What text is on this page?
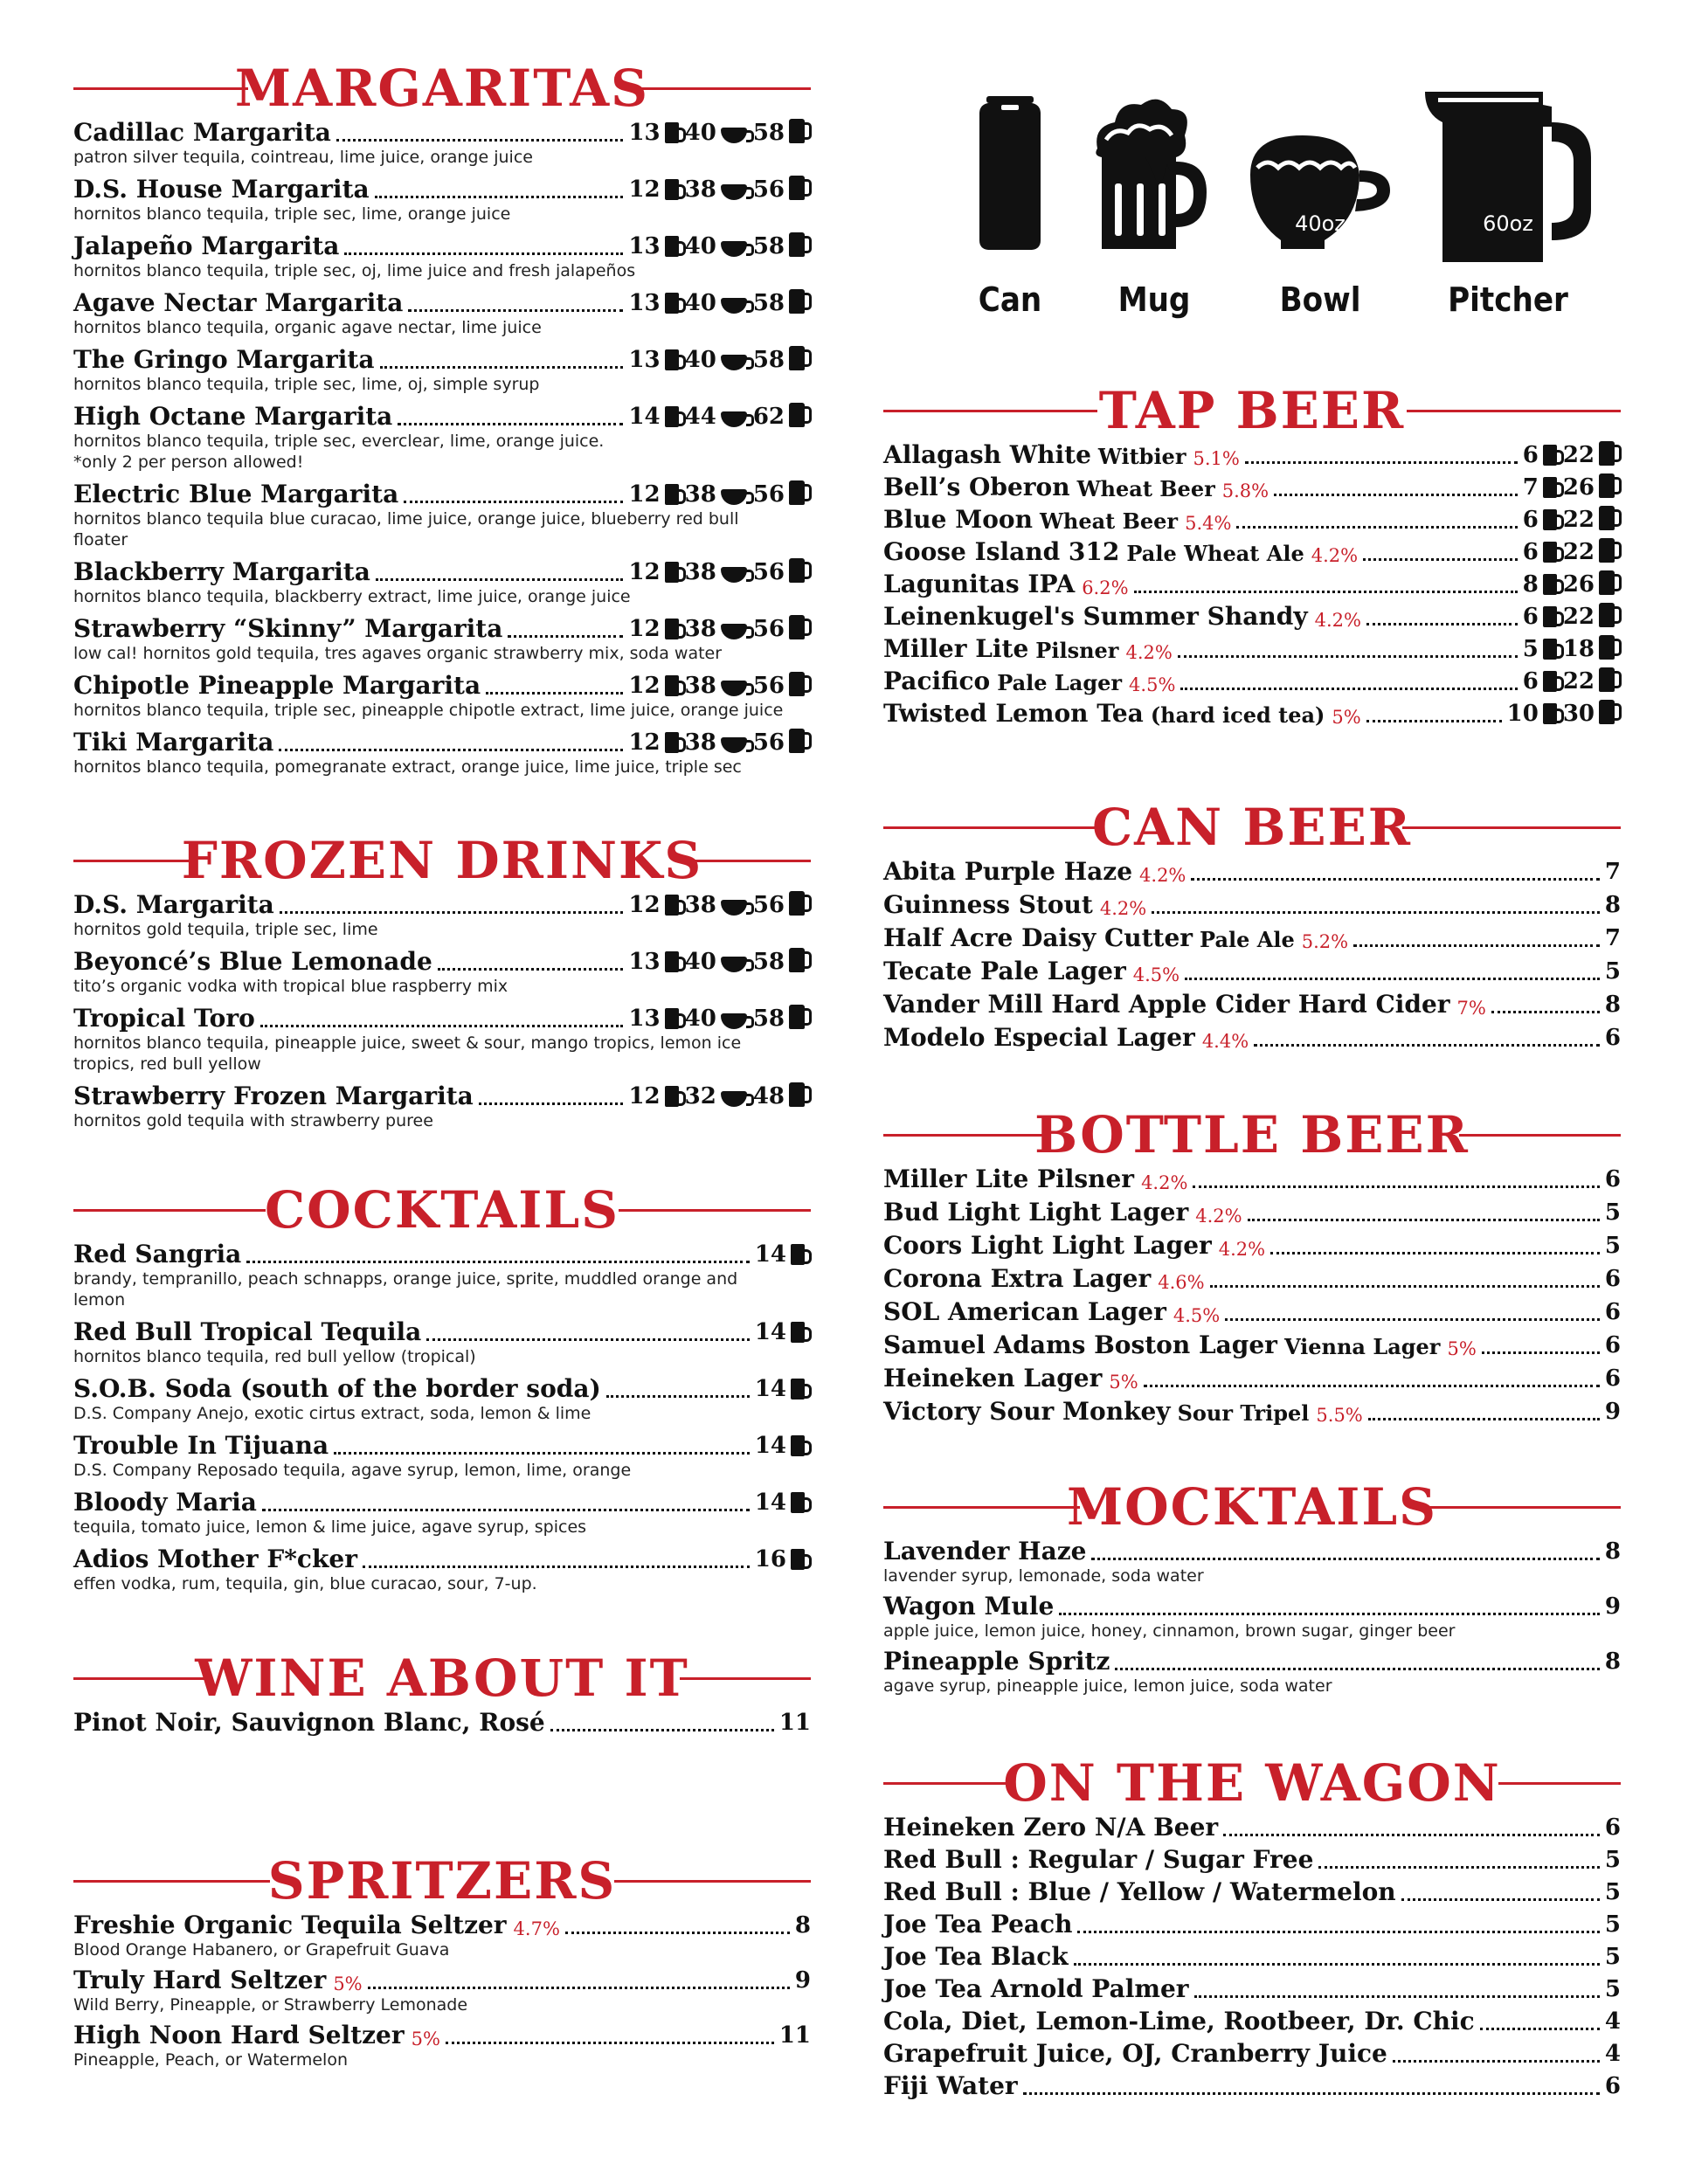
MARGARITAS
Cadillac Margarita	13 40 58
patron silver tequila, cointreau, lime juice, orange juice
D.S. House Margarita	12 38 56
hornitos blanco tequila, triple sec, lime, orange juice
Jalapeño Margarita	13 40 58
hornitos blanco tequila, triple sec, oj, lime juice and fresh jalapeños
Agave Nectar Margarita	13 40 58
hornitos blanco tequila, organic agave nectar, lime juice
The Gringo Margarita	13 40 58
hornitos blanco tequila, triple sec, lime, oj, simple syrup
High Octane Margarita	14 44 62
hornitos blanco tequila, triple sec, everclear, lime, orange juice.
*only 2 per person allowed!
Electric Blue Margarita	12 38 56
hornitos blanco tequila blue curacao, lime juice, orange juice, blueberry red bull
floater
Blackberry Margarita	12 38 56
hornitos blanco tequila, blackberry extract, lime juice, orange juice
Strawberry “Skinny” Margarita	12 38 56
low cal! hornitos gold tequila, tres agaves organic strawberry mix, soda water
Chipotle Pineapple Margarita	12 38 56
hornitos blanco tequila, triple sec, pineapple chipotle extract, lime juice, orange juice
Tiki Margarita	12 38 56
hornitos blanco tequila, pomegranate extract, orange juice, lime juice, triple sec
FROZEN DRINKS
D.S. Margarita	12 38 56
hornitos gold tequila, triple sec, lime
Beyoncé’s Blue Lemonade	13 40 58
tito’s organic vodka with tropical blue raspberry mix
Tropical Toro	13 40 58
hornitos blanco tequila, pineapple juice, sweet & sour, mango tropics, lemon ice
tropics, red bull yellow
Strawberry Frozen Margarita	12 32 48
hornitos gold tequila with strawberry puree
COCKTAILS
Red Sangria	14
brandy, tempranillo, peach schnapps, orange juice, sprite, muddled orange and
lemon
Red Bull Tropical Tequila	14
hornitos blanco tequila, red bull yellow (tropical)
S.O.B. Soda (south of the border soda)	14
D.S. Company Anejo, exotic cirtus extract, soda, lemon & lime
Trouble In Tijuana	14
D.S. Company Reposado tequila, agave syrup, lemon, lime, orange
Bloody Maria	14
tequila, tomato juice, lemon & lime juice, agave syrup, spices
Adios Mother F*cker	16
effen vodka, rum, tequila, gin, blue curacao, sour, 7-up.
WINE ABOUT IT
Pinot Noir, Sauvignon Blanc, Rosé	11
SPRITZERS
Freshie Organic Tequila Seltzer 4.7%	8
Blood Orange Habanero, or Grapefruit Guava
Truly Hard Seltzer 5%	9
Wild Berry, Pineapple, or Strawberry Lemonade
High Noon Hard Seltzer 5%	11
Pineapple, Peach, or Watermelon
Can	Mug
40oz
Bowl
60oz
Pitcher
TAP BEER
Allagash White Witbier 5.1%	6 22
Bell’s Oberon Wheat Beer 5.8%	7 26
Blue Moon Wheat Beer 5.4%	6 22
Goose Island 312 Pale Wheat Ale 4.2%	6 22
Lagunitas IPA 6.2%	8 26
Leinenkugel's Summer Shandy 4.2%	6 22
Miller Lite Pilsner 4.2%	5 18
Pacifico Pale Lager 4.5%	6 22
Twisted Lemon Tea (hard iced tea) 5%	10 30
CAN BEER
Abita Purple Haze 4.2%	7
Guinness Stout 4.2%	8
Half Acre Daisy Cutter Pale Ale 5.2%	7
Tecate Pale Lager 4.5%	5
Vander Mill Hard Apple Cider Hard Cider 7%	8
Modelo Especial Lager 4.4%	6
BOTTLE BEER
Miller Lite Pilsner 4.2%	6
Bud Light Light Lager 4.2%	5
Coors Light Light Lager 4.2%	5
Corona Extra Lager 4.6%	6
SOL American Lager 4.5%	6
Samuel Adams Boston Lager Vienna Lager 5%	6
Heineken Lager 5%	6
Victory Sour Monkey Sour Tripel 5.5%	9
MOCKTAILS
Lavender Haze	8
lavender syrup, lemonade, soda water
Wagon Mule	9
apple juice, lemon juice, honey, cinnamon, brown sugar, ginger beer
Pineapple Spritz	8
agave syrup, pineapple juice, lemon juice, soda water
ON THE WAGON
Heineken Zero N/A Beer	6
Red Bull : Regular / Sugar Free	5
Red Bull : Blue / Yellow / Watermelon	5
Joe Tea Peach	5
Joe Tea Black	5
Joe Tea Arnold Palmer	5
Cola, Diet, Lemon-Lime, Rootbeer, Dr. Chic	4
Grapefruit Juice, OJ, Cranberry Juice	4
Fiji Water	6
